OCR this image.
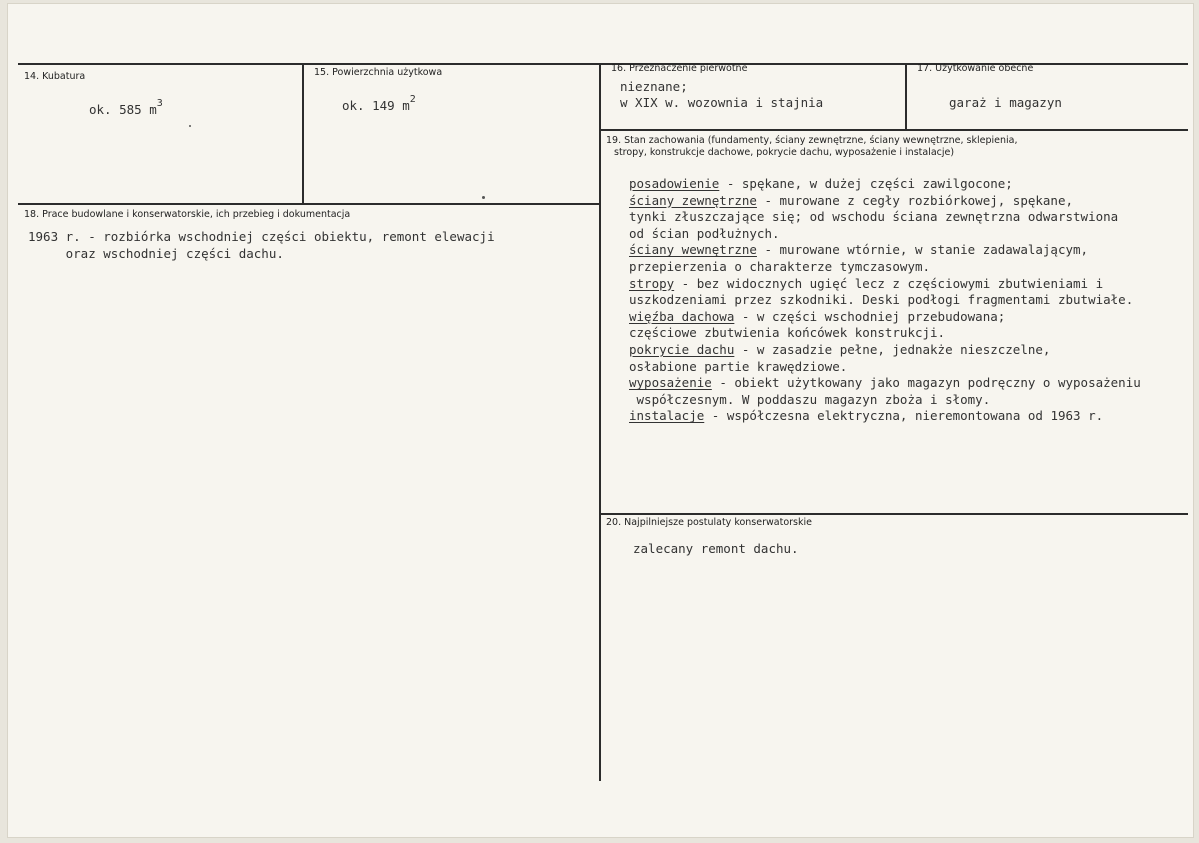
14. Kubatura
ok. 585 $m^3$
15. Powierzchnia użytkowa
ok. 149 $m^2$
16. Przeznaczenie pierwotne
nieznane;
w XIX w. wozownia i stajnia
17. Użytkowanie obecne
garaż i magazyn
18. Prace budowlane i konserwatorskie, ich przebieg i dokumentacja
1963 r. - rozbiórka wschodniej części obiektu, remont elewacji
oraz wschodniej części dachu.
19. Stan zachowania (fundamenty, ściany zewnętrzne, ściany wewnętrzne, sklepienia,
stropy, konstrukcje dachowe, pokrycie dachu, wyposażenie i instalacje)
posadowienie - spękane, w dużej części zawilgocone;
ściany zewnętrzne - murowane z cegły rozbiórkowej, spękane,
tynki złuszczające się; od wschodu ściana zewnętrzna odwarstwiona
od ścian podłużnych.
ściany wewnętrzne - murowane wtórnie, w stanie zadawalającym,
przepierzenia o charakterze tymczasowym.
stropy - bez widocznych ugięć lecz z częściowymi zbutwieniami i
uszkodzeniami przez szkodniki. Deski podłogi fragmentami zbutwiałe.
więźba dachowa - w części wschodniej przebudowana;
częściowe zbutwienia końcówek konstrukcji.
pokrycie dachu - w zasadzie pełne, jednakże nieszczelne,
osłabione partie krawędziowe.
wyposażenie - obiekt użytkowany jako magazyn podręczny o wyposażeniu
współczesnym. W poddaszu magazyn zboża i słomy.
instalacje - współczesna elektryczna, nieremontowana od 1963 r.
20. Najpilniejsze postulaty konserwatorskie
zalecany remont dachu.
